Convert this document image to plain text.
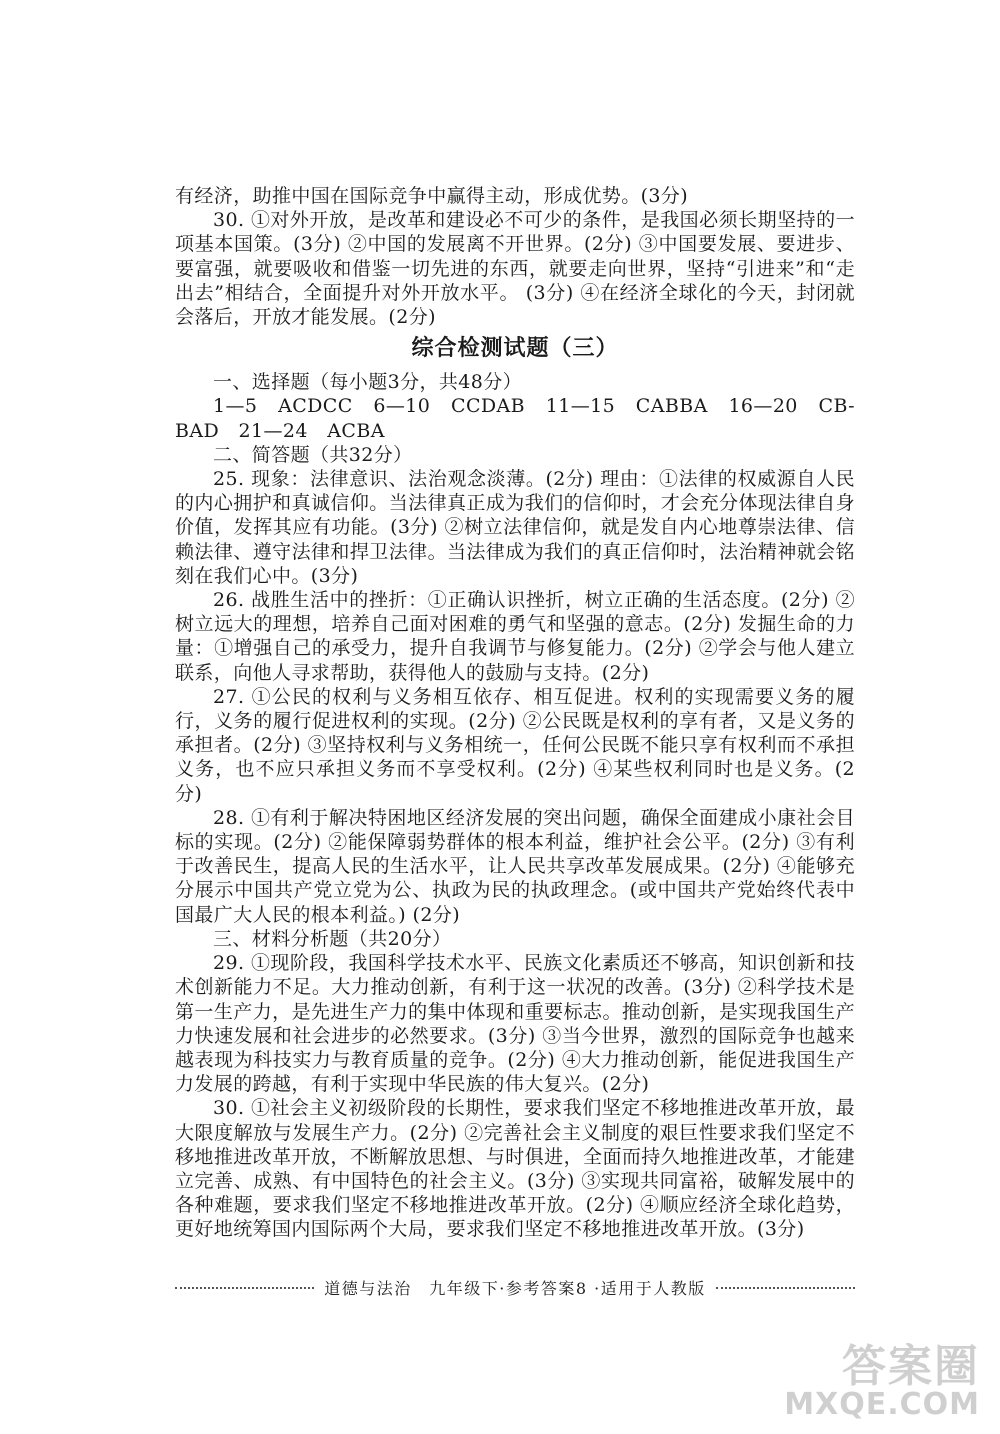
有经济，助推中国在国际竞争中赢得主动，形成优势。(3分)

30. ①对外开放，是改革和建设必不可少的条件，是我国必须长期坚持的一项基本国策。(3分) ②中国的发展离不开世界。(2分) ③中国要发展、要进步、要富强，就要吸收和借鉴一切先进的东西，就要走向世界，坚持“引进来”和“走出去”相结合，全面提升对外开放水平。 (3分) ④在经济全球化的今天，封闭就会落后，开放才能发展。(2分)

综合检测试题（三）

一、选择题（每小题3分，共48分）

1—5　ACDCC　6—10　CCDAB　11—15　CABBA　16—20　CB-BAD　21—24　ACBA

二、简答题（共32分）

25. 现象：法律意识、法治观念淡薄。(2分) 理由：①法律的权威源自人民的内心拥护和真诚信仰。当法律真正成为我们的信仰时，才会充分体现法律自身价值，发挥其应有功能。(3分) ②树立法律信仰，就是发自内心地尊崇法律、信赖法律、遵守法律和捍卫法律。当法律成为我们的真正信仰时，法治精神就会铭刻在我们心中。(3分)

26. 战胜生活中的挫折：①正确认识挫折，树立正确的生活态度。(2分) ②树立远大的理想，培养自己面对困难的勇气和坚强的意志。(2分) 发掘生命的力量：①增强自己的承受力，提升自我调节与修复能力。(2分) ②学会与他人建立联系，向他人寻求帮助，获得他人的鼓励与支持。(2分)

27. ①公民的权利与义务相互依存、相互促进。权利的实现需要义务的履行，义务的履行促进权利的实现。(2分) ②公民既是权利的享有者，又是义务的承担者。(2分) ③坚持权利与义务相统一，任何公民既不能只享有权利而不承担义务，也不应只承担义务而不享受权利。(2分) ④某些权利同时也是义务。(2分)

28. ①有利于解决特困地区经济发展的突出问题，确保全面建成小康社会目标的实现。(2分) ②能保障弱势群体的根本利益，维护社会公平。(2分) ③有利于改善民生，提高人民的生活水平，让人民共享改革发展成果。(2分) ④能够充分展示中国共产党立党为公、执政为民的执政理念。(或中国共产党始终代表中国最广大人民的根本利益。) (2分)

三、材料分析题（共20分）

29. ①现阶段，我国科学技术水平、民族文化素质还不够高，知识创新和技术创新能力不足。大力推动创新，有利于这一状况的改善。(3分) ②科学技术是第一生产力，是先进生产力的集中体现和重要标志。推动创新，是实现我国生产力快速发展和社会进步的必然要求。(3分) ③当今世界，激烈的国际竞争也越来越表现为科技实力与教育质量的竞争。(2分) ④大力推动创新，能促进我国生产力发展的跨越，有利于实现中华民族的伟大复兴。(2分)

30. ①社会主义初级阶段的长期性，要求我们坚定不移地推进改革开放，最大限度解放与发展生产力。(2分) ②完善社会主义制度的艰巨性要求我们坚定不移地推进改革开放，不断解放思想、与时俱进，全面而持久地推进改革，才能建立完善、成熟、有中国特色的社会主义。(3分) ③实现共同富裕，破解发展中的各种难题，要求我们坚定不移地推进改革开放。(2分) ④顺应经济全球化趋势，更好地统筹国内国际两个大局，要求我们坚定不移地推进改革开放。(3分)

道德与法治　九年级下·参考答案8 ·适用于人教版
答案圈
MXQE.COM
